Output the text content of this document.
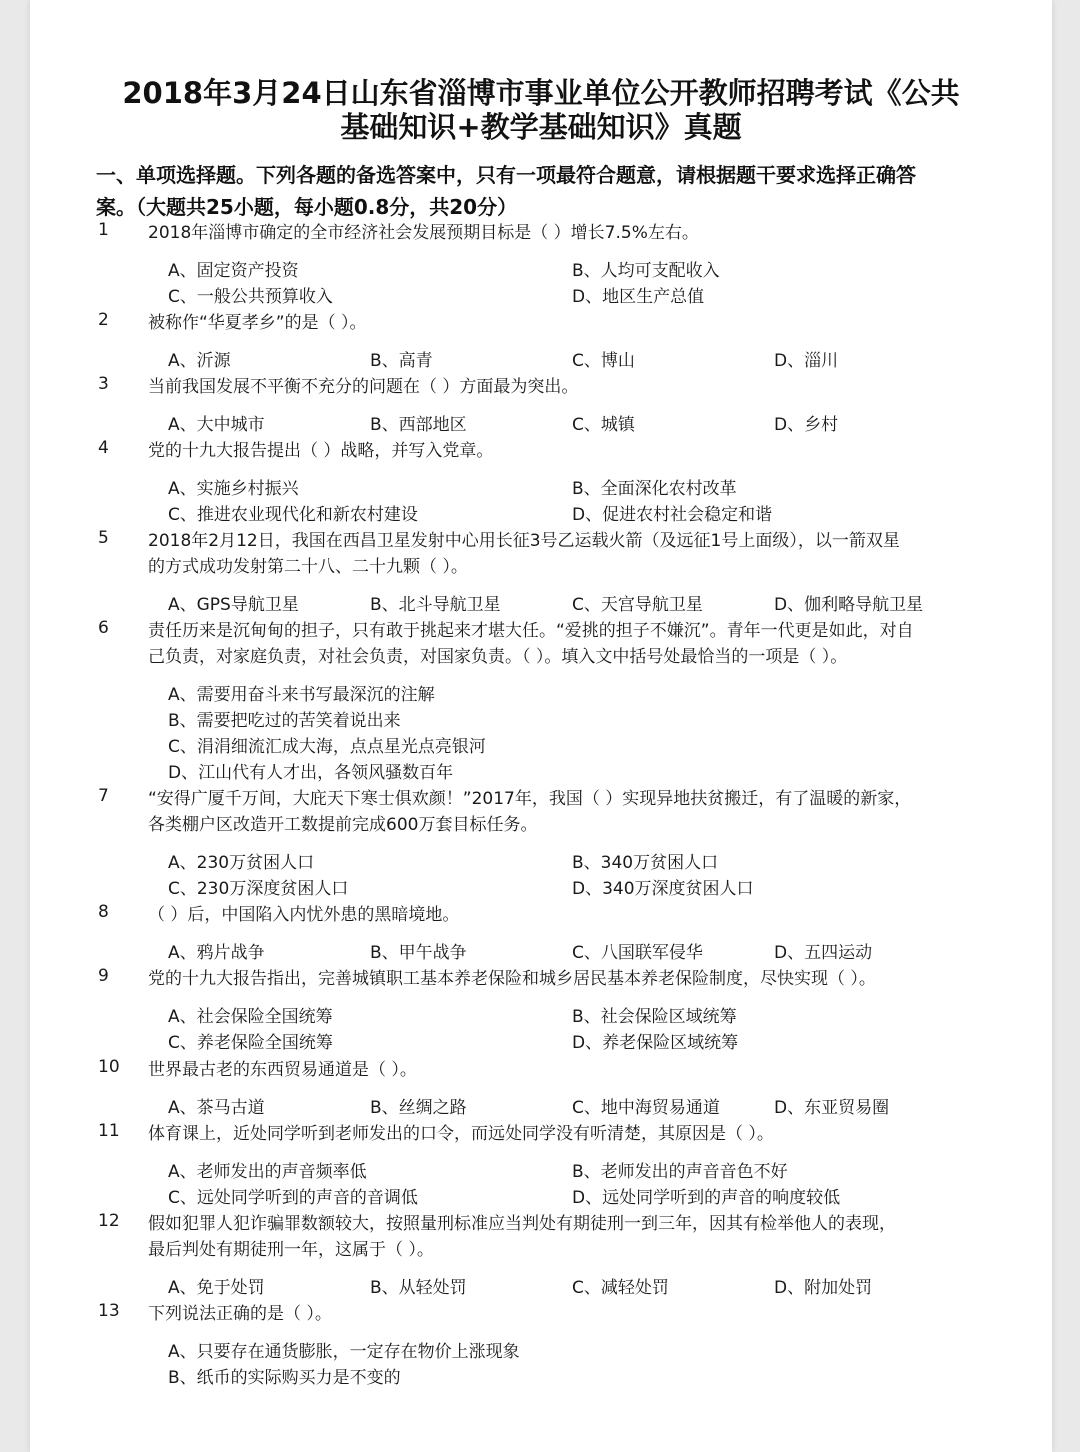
2018年3月24日山东省淄博市事业单位公开教师招聘考试《公共
基础知识+教学基础知识》真题
一、单项选择题。下列各题的备选答案中，只有一项最符合题意，请根据题干要求选择正确答
案。（大题共25小题，每小题0.8分，共20分）
1	2018年淄博市确定的全市经济社会发展预期目标是（ ）增长7.5%左右。
A、固定资产投资	B、人均可支配收入
C、一般公共预算收入	D、地区生产总值
2	被称作“华夏孝乡”的是（ ）。
A、沂源	B、高青	C、博山	D、淄川
3	当前我国发展不平衡不充分的问题在（ ）方面最为突出。
A、大中城市	B、西部地区	C、城镇	D、乡村
4	党的十九大报告提出（ ）战略，并写入党章。
A、实施乡村振兴	B、全面深化农村改革
C、推进农业现代化和新农村建设	D、促进农村社会稳定和谐
5	2018年2月12日，我国在西昌卫星发射中心用长征3号乙运载火箭（及远征1号上面级），以一箭双星
的方式成功发射第二十八、二十九颗（ ）。
A、GPS导航卫星	B、北斗导航卫星	C、天宫导航卫星	D、伽利略导航卫星
6	责任历来是沉甸甸的担子，只有敢于挑起来才堪大任。“爱挑的担子不嫌沉”。青年一代更是如此，对自
己负责，对家庭负责，对社会负责，对国家负责。（ ）。填入文中括号处最恰当的一项是（ ）。
A、需要用奋斗来书写最深沉的注解
B、需要把吃过的苦笑着说出来
C、涓涓细流汇成大海，点点星光点亮银河
D、江山代有人才出，各领风骚数百年
7	“安得广厦千万间，大庇天下寒士俱欢颜！”2017年，我国（ ）实现异地扶贫搬迁，有了温暖的新家，
各类棚户区改造开工数提前完成600万套目标任务。
A、230万贫困人口	B、340万贫困人口
C、230万深度贫困人口	D、340万深度贫困人口
8	（ ）后，中国陷入内忧外患的黑暗境地。
A、鸦片战争	B、甲午战争	C、八国联军侵华	D、五四运动
9	党的十九大报告指出，完善城镇职工基本养老保险和城乡居民基本养老保险制度，尽快实现（ ）。
A、社会保险全国统筹	B、社会保险区域统筹
C、养老保险全国统筹	D、养老保险区域统筹
10	世界最古老的东西贸易通道是（ ）。
A、茶马古道	B、丝绸之路	C、地中海贸易通道	D、东亚贸易圈
11	体育课上，近处同学听到老师发出的口令，而远处同学没有听清楚，其原因是（ ）。
A、老师发出的声音频率低	B、老师发出的声音音色不好
C、远处同学听到的声音的音调低	D、远处同学听到的声音的响度较低
12	假如犯罪人犯诈骗罪数额较大，按照量刑标准应当判处有期徒刑一到三年，因其有检举他人的表现，
最后判处有期徒刑一年，这属于（ ）。
A、免于处罚	B、从轻处罚	C、减轻处罚	D、附加处罚
13	下列说法正确的是（ ）。
A、只要存在通货膨胀，一定存在物价上涨现象
B、纸币的实际购买力是不变的
